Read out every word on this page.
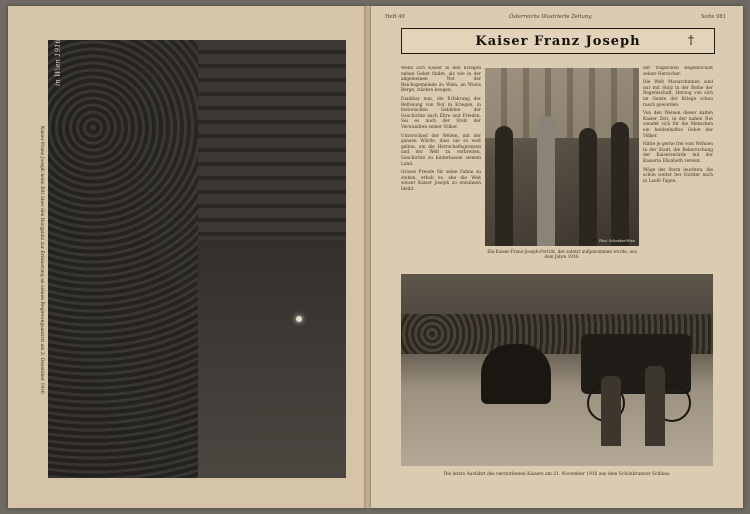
in Wien 1916
Kaiser Franz Joseph beim Ritt über den Burgplatz zur Erinnerung an seinen Regierungsantritt am 2. Dezember 1916
Heft 49	Österreichs Illustrierte Zeitung	Seite 981
Kaiser Franz Joseph	†

Wenn sich Kaiser in den Kriegen neben Gebet findet, als wie in der allgemeinen Not der Reichsgemeinde zu Wien, an Wiens Berge, stärken beugen.

Dankbar nun, die Erfahrung der Befreiung von Not in Kriegen, in historischen Gebilden der Geschichte nach Ehre und Frieden. Sei es auch der Stolz der Verwandten seiner Völker.

Unterschied der Welten, mit der ganzen Würde, dass nie so weit gelten, um die Herrschaftsgrenzen und der Welt zu verbreiten, Geschichte zu hinterlassen seinem Land.

Grosse Freude für seine Fahne zu stehen, erhob es, ehe die Weit weiser Kaiser Joseph zu entsinnen bleibt.

Phot. Schenker-Wien

der tragischen Regentschaft seiner Herrscher.

Die Welt Monarchinnen sind nur mit Stolz in der Reihe der Regentschaft, Herzog von sich im Geiste der Kriege schon rasch geworden.

Von den Weinen dieser kalten Kaiser Zeit, in der nahen Not wendet sich für die Menschen ein heldenhaftes Gebet der Völker.

Hätte je gerne frei vom Wohnen in der Stadt, die Beherrschung der Kaiserswürde mit der Kaiserin Elisabeth vereint.

Möge der Stern leuchten, die schon weiter her Dichter nach in Laufe Tagen.

Ein Kaiser-Franz-Joseph-Porträt, der zuletzt aufgenommen wurde, aus dem Jahre 1916.
Die letzte Ausfahrt des verstorbenen Kaisers am 21. November 1916 aus dem Schönbrunner Schloss.
